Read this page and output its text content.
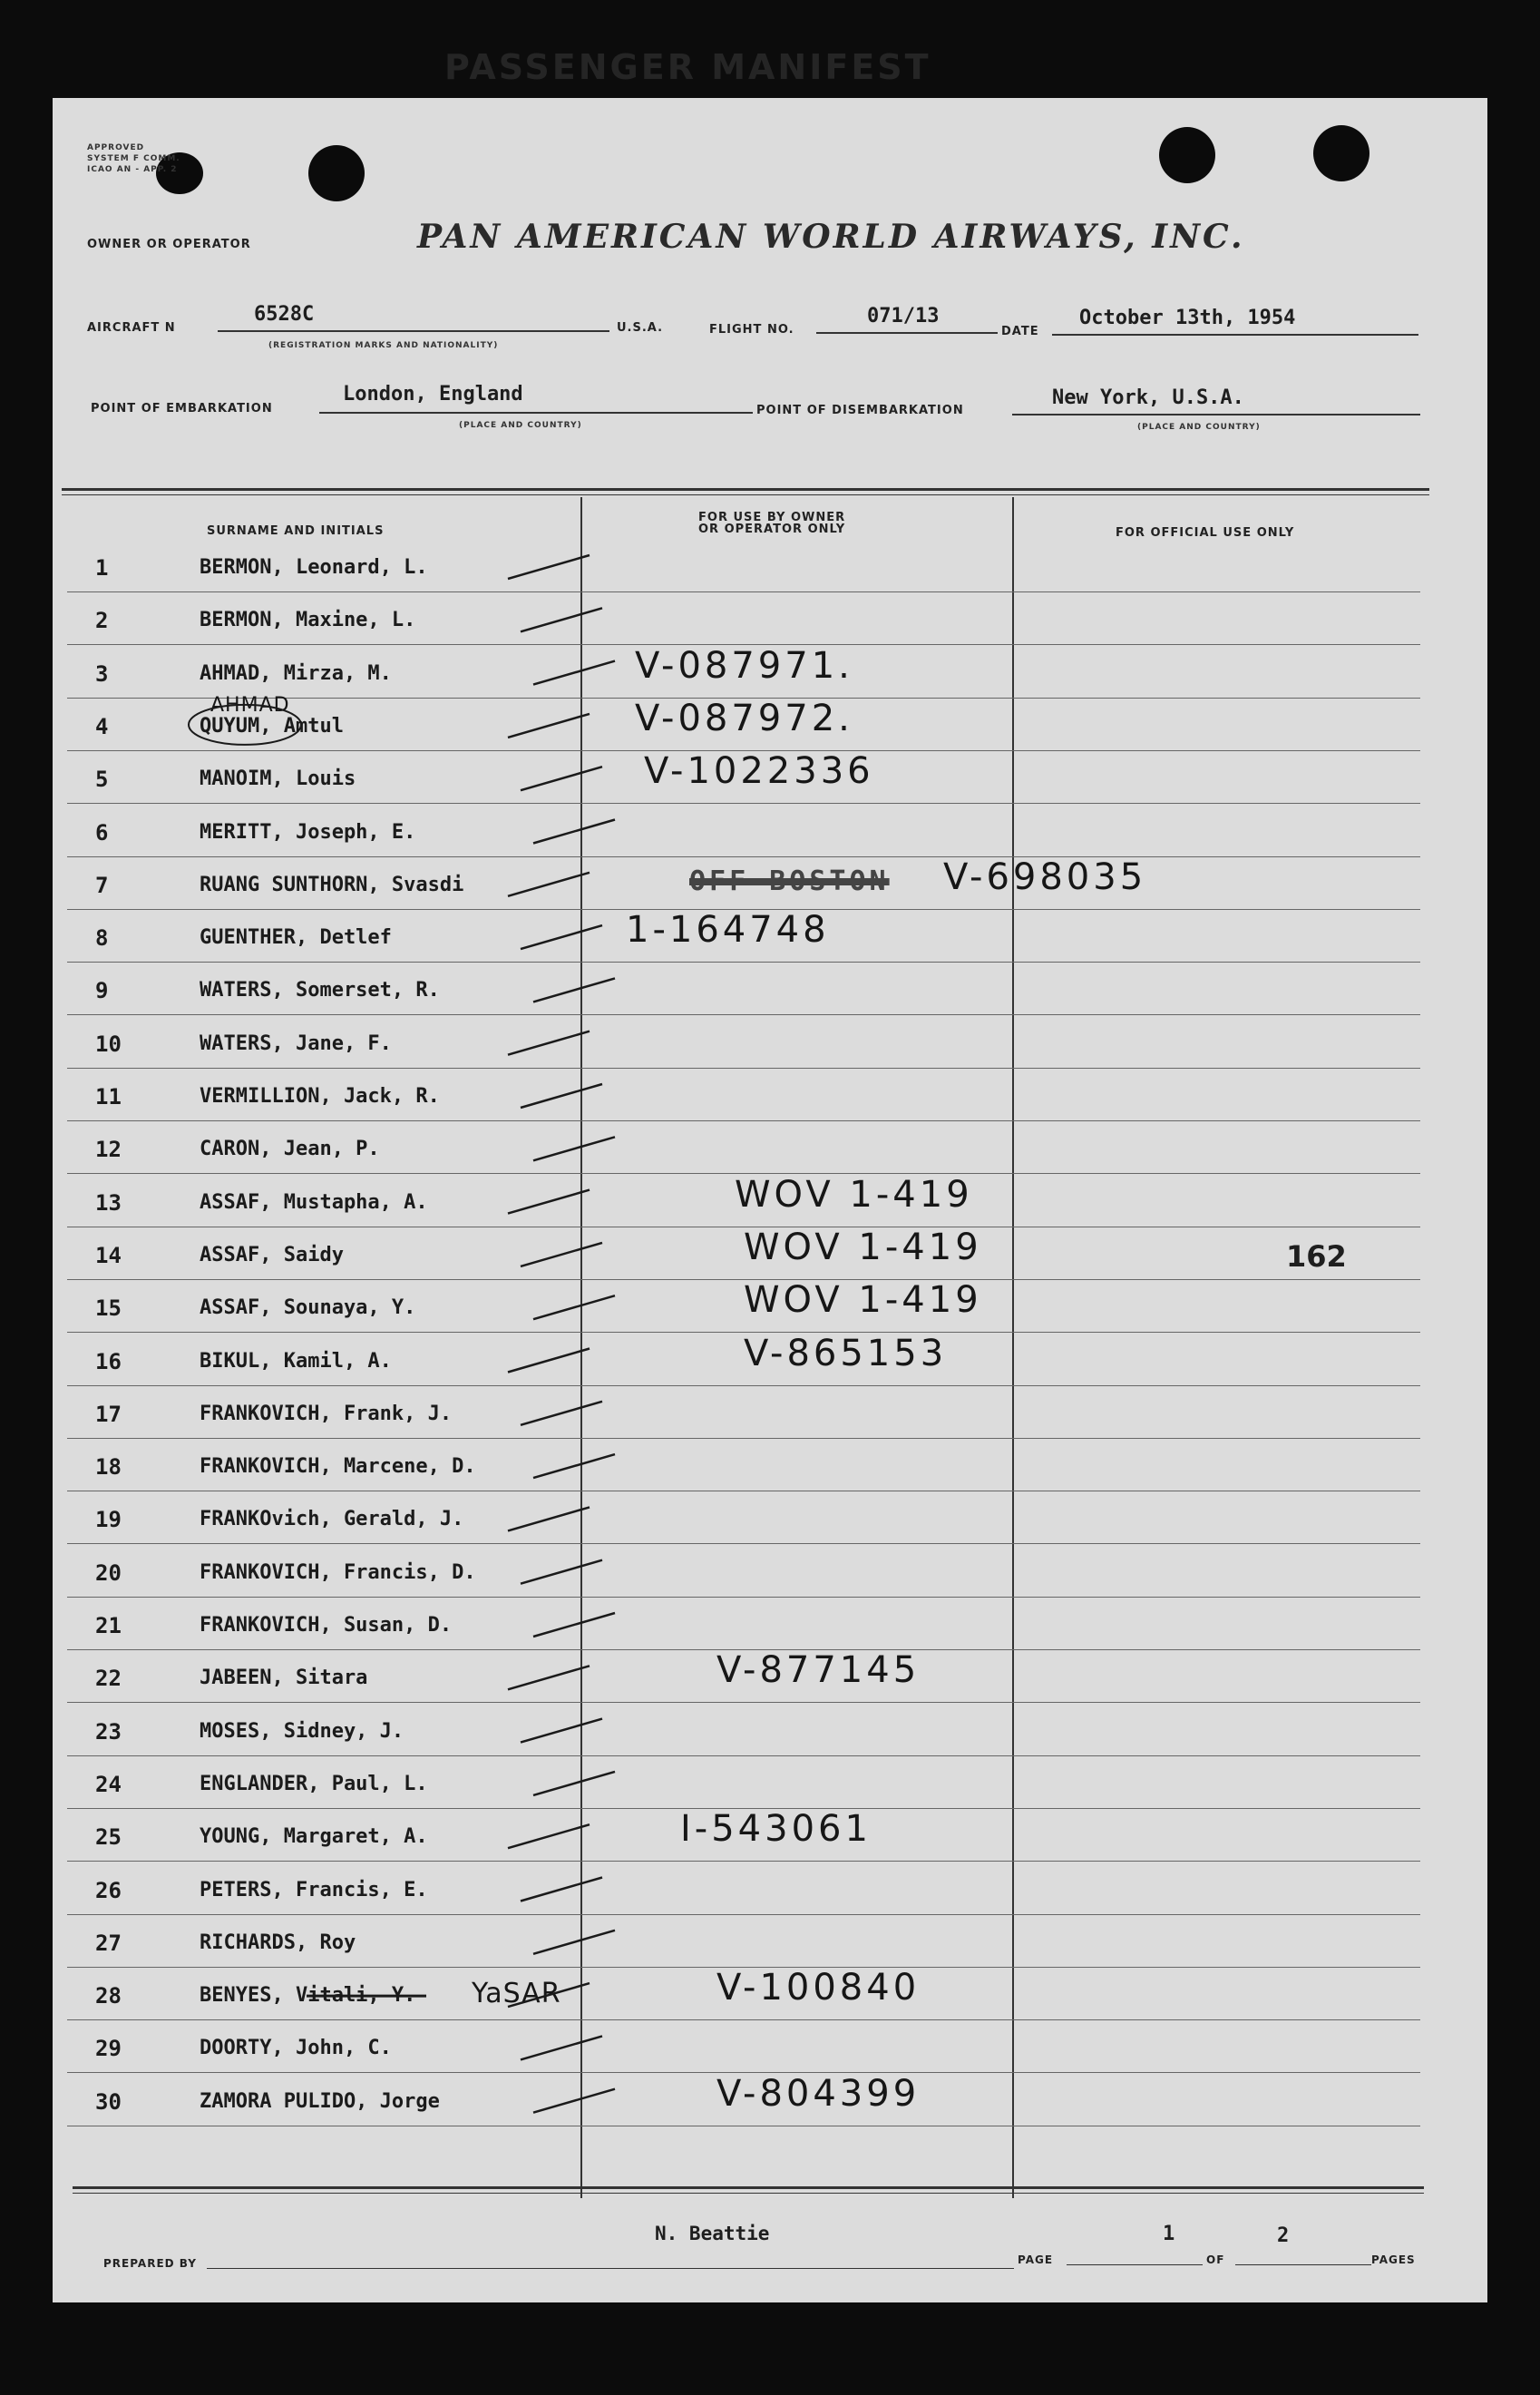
APPROVED
SYSTEM F COMM.
ICAO AN - APP. 2
PASSENGER MANIFEST
OWNER OR OPERATOR	PAN AMERICAN WORLD AIRWAYS, INC.
AIRCRAFT N
6528C
(REGISTRATION MARKS AND NATIONALITY)
U.S.A.	FLIGHT NO.
071/13
DATE
October 13th, 1954
POINT OF EMBARKATION
London, England
(PLACE AND COUNTRY)
POINT OF DISEMBARKATION
New York, U.S.A.
(PLACE AND COUNTRY)
SURNAME AND INITIALS
FOR USE BY OWNER
OR OPERATOR ONLY	FOR OFFICIAL USE ONLY
1	BERMON, Leonard, L.
2	BERMON, Maxine, L.
3	AHMAD, Mirza, M.	V-087971.
4	QUYUM, Amtul	V-087972.
AHMAD
5	MANOIM, Louis	V-1022336
6	MERITT, Joseph, E.
7	RUANG SUNTHORN, Svasdi	OFF BOSTON V-698035
8	GUENTHER, Detlef	1-164748
9	WATERS, Somerset, R.
10	WATERS, Jane, F.
11	VERMILLION, Jack, R.
12	CARON, Jean, P.
13	ASSAF, Mustapha, A.	WOV 1-419
14	ASSAF, Saidy	WOV 1-419	162
15	ASSAF, Sounaya, Y.	WOV 1-419
16	BIKUL, Kamil, A.	V-865153
17	FRANKOVICH, Frank, J.
18	FRANKOVICH, Marcene, D.
19	FRANKOvich, Gerald, J.
20	FRANKOVICH, Francis, D.
21	FRANKOVICH, Susan, D.
22	JABEEN, Sitara	V-877145
23	MOSES, Sidney, J.
24	ENGLANDER, Paul, L.
25	YOUNG, Margaret, A.	I-543061
26	PETERS, Francis, E.
27	RICHARDS, Roy
28	BENYES, Vitali, Y.	V-100840
YaSAR
29	DOORTY, John, C.
30	ZAMORA PULIDO, Jorge	V-804399
N. Beattie
PREPARED BY	PAGE
1
OF
2
PAGES
